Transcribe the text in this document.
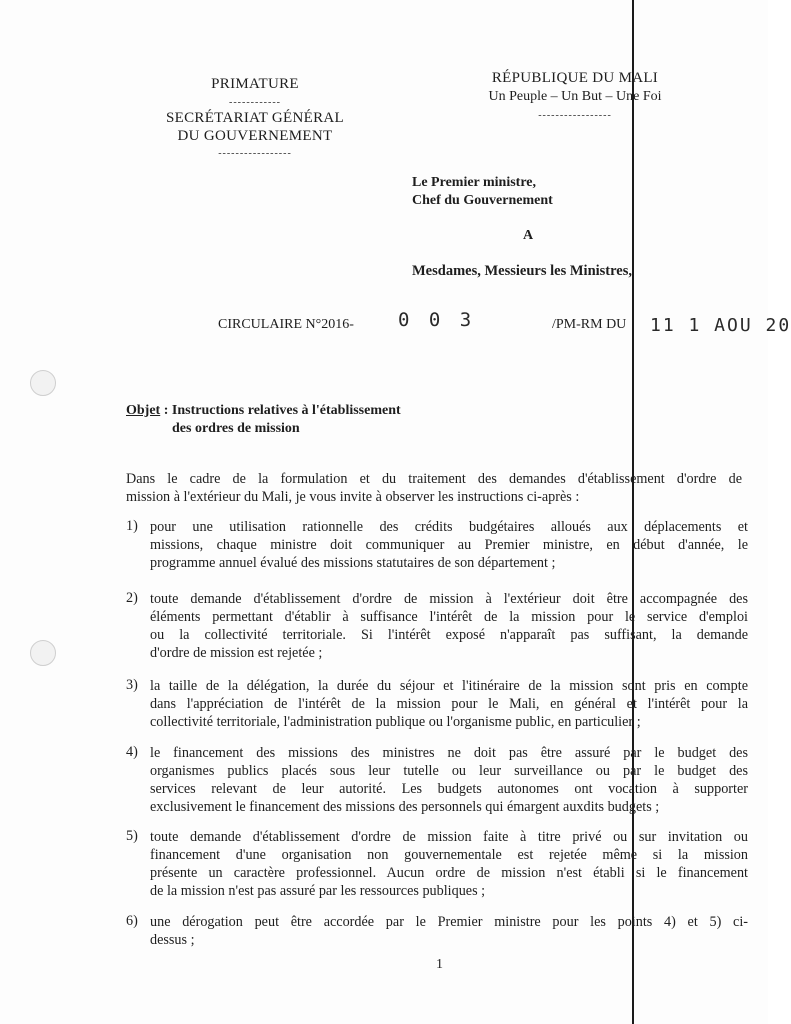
PRIMATURE
------------
SECRÉTARIAT GÉNÉRAL
DU GOUVERNEMENT
-----------------
RÉPUBLIQUE DU MALI
Un Peuple – Un But – Une Foi
-----------------
Le Premier ministre,
Chef du Gouvernement
A
Mesdames, Messieurs les Ministres,
CIRCULAIRE N°2016- 0 0 3	/PM-RM DU 11 1 AOU 20
Objet : Instructions relatives à l'établissement
des ordres de mission
Dans le cadre de la formulation et du traitement des demandes d'établissement d'ordre de
mission à l'extérieur du Mali, je vous invite à observer les instructions ci-après :
1) pour une utilisation rationnelle des crédits budgétaires alloués aux déplacements et
missions, chaque ministre doit communiquer au Premier ministre, en début d'année, le
programme annuel évalué des missions statutaires de son département ;
2) toute demande d'établissement d'ordre de mission à l'extérieur doit être accompagnée des
éléments permettant d'établir à suffisance l'intérêt de la mission pour le service d'emploi
ou la collectivité territoriale. Si l'intérêt exposé n'apparaît pas suffisant, la demande
d'ordre de mission est rejetée ;
3) la taille de la délégation, la durée du séjour et l'itinéraire de la mission sont pris en compte
dans l'appréciation de l'intérêt de la mission pour le Mali, en général et l'intérêt pour la
collectivité territoriale, l'administration publique ou l'organisme public, en particulier ;
4) le financement des missions des ministres ne doit pas être assuré par le budget des
organismes publics placés sous leur tutelle ou leur surveillance ou par le budget des
services relevant de leur autorité. Les budgets autonomes ont vocation à supporter
exclusivement le financement des missions des personnels qui émargent auxdits budgets ;
5) toute demande d'établissement d'ordre de mission faite à titre privé ou sur invitation ou
financement d'une organisation non gouvernementale est rejetée même si la mission
présente un caractère professionnel. Aucun ordre de mission n'est établi si le financement
de la mission n'est pas assuré par les ressources publiques ;
6) une dérogation peut être accordée par le Premier ministre pour les points 4) et 5) ci-
dessus ;
1
